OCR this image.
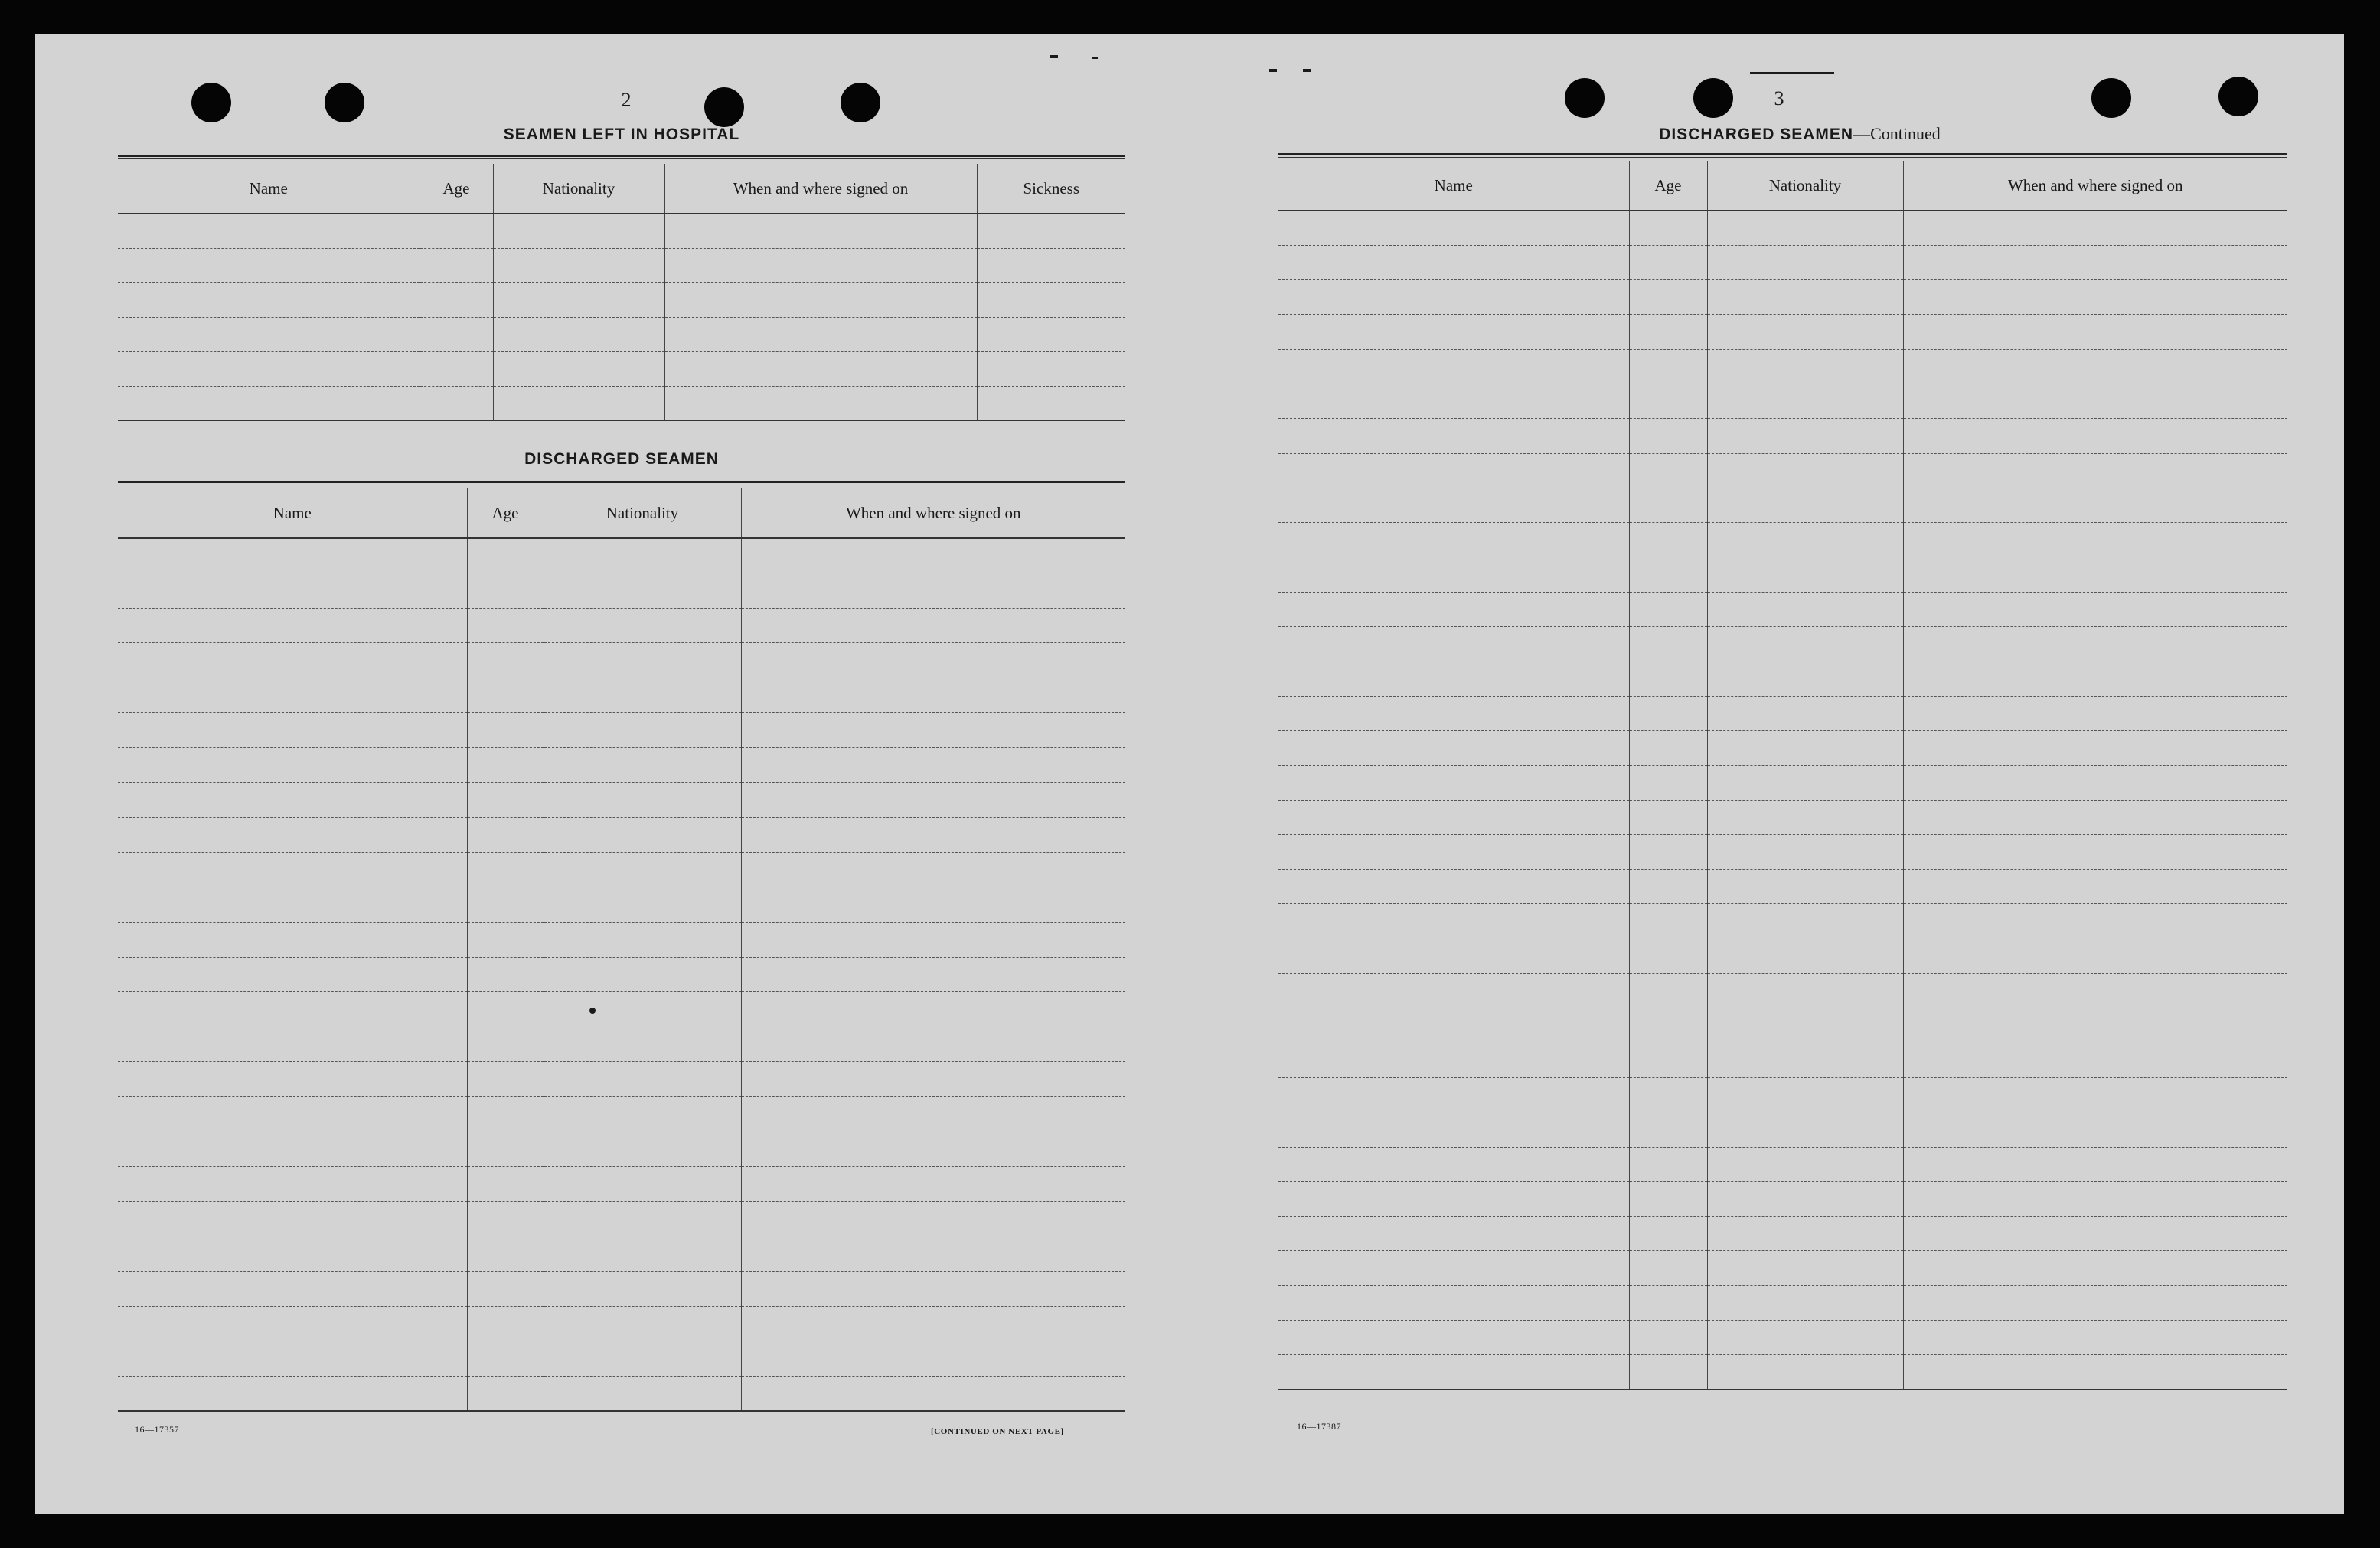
2
SEAMEN LEFT IN HOSPITAL
Name	Age	Nationality	When and where signed on	Sickness

DISCHARGED SEAMEN
Name	Age	Nationality	When and where signed on

16—17357	[CONTINUED ON NEXT PAGE]
3
DISCHARGED SEAMEN—Continued
Name	Age	Nationality	When and where signed on

16—17387
